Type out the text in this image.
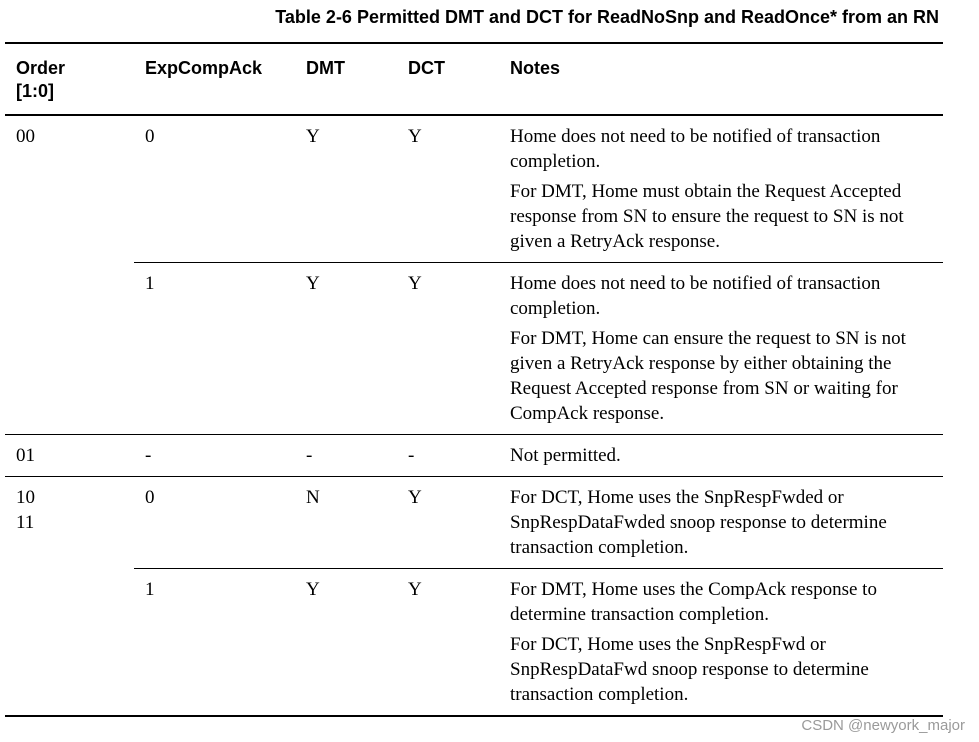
Table 2-6 Permitted DMT and DCT for ReadNoSnp and ReadOnce* from an RN
Order
[1:0]	ExpCompAck	DMT	DCT	Notes
00	0	Y	Y	Home does not need to be notified of transaction completion.

For DMT, Home must obtain the Request Accepted response from SN to ensure the request to SN is not given a RetryAck response.

	1	Y	Y	Home does not need to be notified of transaction completion.

For DMT, Home can ensure the request to SN is not given a RetryAck response by either obtaining the Request Accepted response from SN or waiting for CompAck response.

01	-	-	-	Not permitted.

10
11	0	N	Y	For DCT, Home uses the SnpRespFwded or SnpRespDataFwded snoop response to determine transaction completion.

	1	Y	Y	For DMT, Home uses the CompAck response to determine transaction completion.

For DCT, Home uses the SnpRespFwd or SnpRespDataFwd snoop response to determine transaction completion.

CSDN @newyork_major
